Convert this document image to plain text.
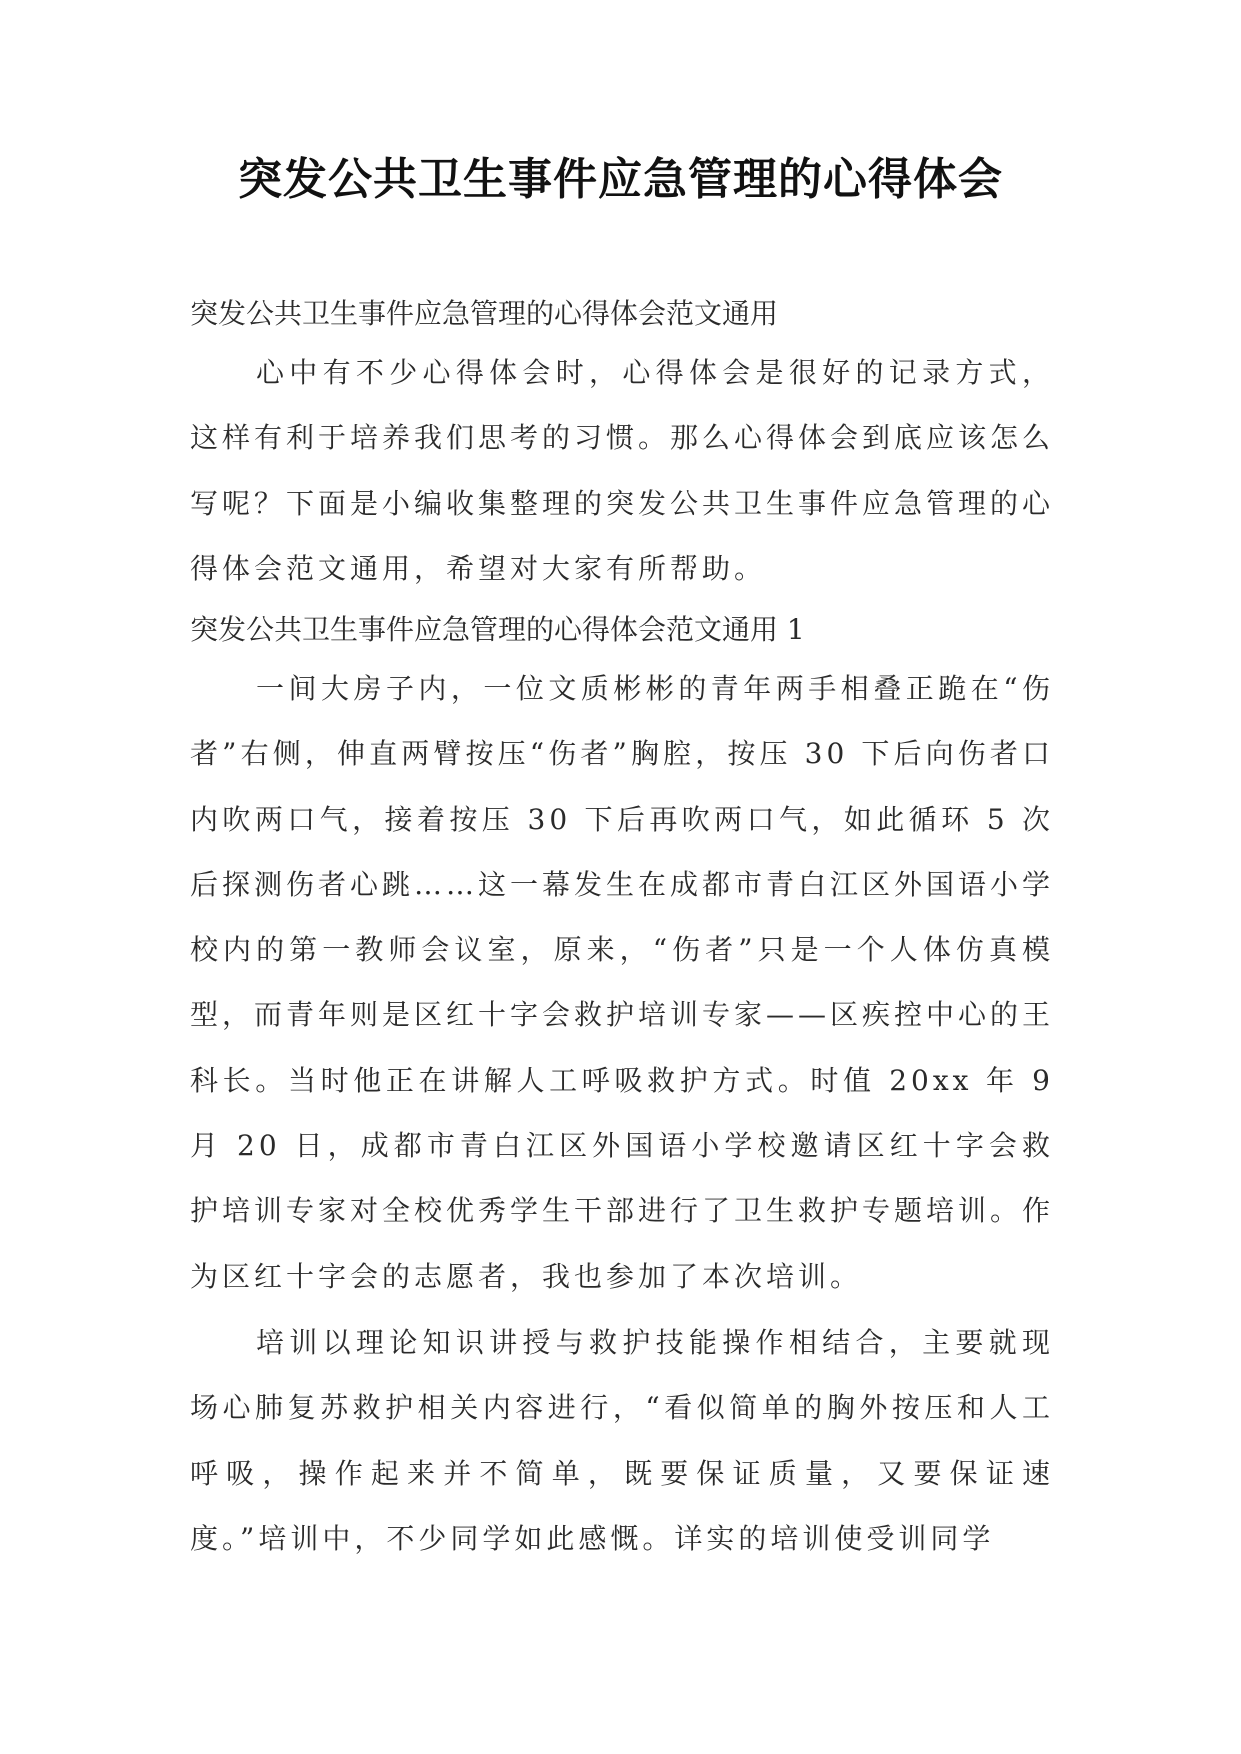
突发公共卫生事件应急管理的心得体会
突发公共卫生事件应急管理的心得体会范文通用

心中有不少心得体会时，心得体会是很好的记录方式，这样有利于培养我们思考的习惯。那么心得体会到底应该怎么写呢？下面是小编收集整理的突发公共卫生事件应急管理的心得体会范文通用，希望对大家有所帮助。

突发公共卫生事件应急管理的心得体会范文通用 1

一间大房子内，一位文质彬彬的青年两手相叠正跪在“伤者”右侧，伸直两臂按压“伤者”胸腔，按压 30 下后向伤者口内吹两口气，接着按压 30 下后再吹两口气，如此循环 5 次后探测伤者心跳……这一幕发生在成都市青白江区外国语小学校内的第一教师会议室，原来，“伤者”只是一个人体仿真模型，而青年则是区红十字会救护培训专家——区疾控中心的王科长。当时他正在讲解人工呼吸救护方式。时值 20xx 年 9 月 20 日，成都市青白江区外国语小学校邀请区红十字会救护培训专家对全校优秀学生干部进行了卫生救护专题培训。作为区红十字会的志愿者，我也参加了本次培训。

培训以理论知识讲授与救护技能操作相结合，主要就现场心肺复苏救护相关内容进行，“看似简单的胸外按压和人工呼吸，操作起来并不简单，既要保证质量，又要保证速度。”培训中，不少同学如此感慨。详实的培训使受训同学
